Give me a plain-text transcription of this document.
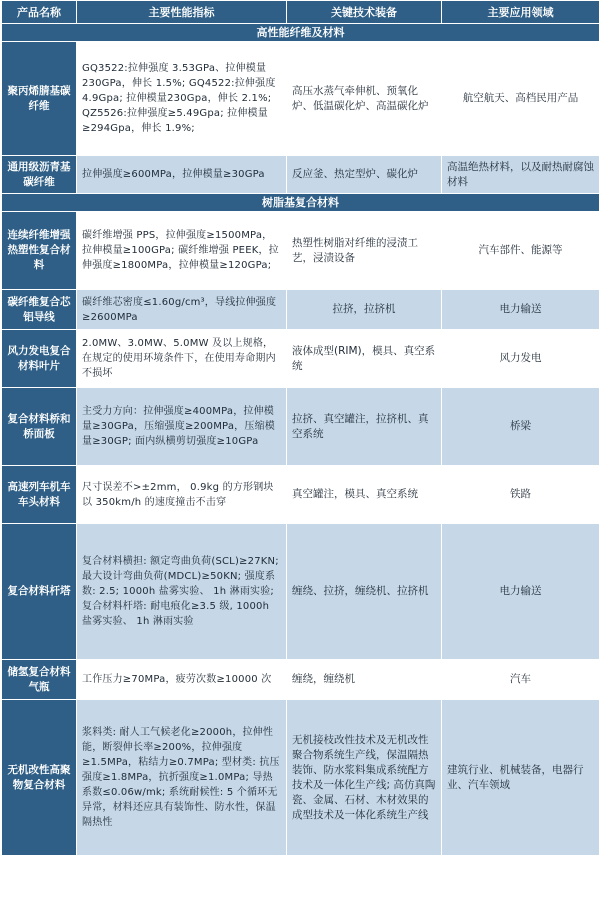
产品名称	主要性能指标	关键技术装备	主要应用领域
高性能纤维及材料			
聚丙烯腈基碳纤维	GQ3522:拉伸强度 3.53GPa、拉伸模量 230GPa，伸长 1.5%; GQ4522:拉伸强度 4.9Gpa; 拉伸模量230Gpa，伸长 2.1%; QZ5526:拉伸强度≥5.49Gpa; 拉伸模量≥294Gpa，伸长 1.9%;	高压水蒸气牵伸机、预氧化炉、低温碳化炉、高温碳化炉	航空航天、高档民用产品
通用级沥青基碳纤维	拉伸强度≥600MPa，拉伸模量≥30GPa	反应釜、热定型炉、碳化炉	高温绝热材料，以及耐热耐腐蚀材料
树脂基复合材料			
连续纤维增强热塑性复合材料	碳纤维增强 PPS，拉伸强度≥1500MPa，拉伸模量≥100GPa; 碳纤维增强 PEEK，拉伸强度≥1800MPa，拉伸模量≥120GPa;	热塑性树脂对纤维的浸渍工艺，浸渍设备	汽车部件、能源等
碳纤维复合芯铝导线	碳纤维芯密度≤1.60g/cm³，导线拉伸强度≥2600MPa	拉挤，拉挤机	电力输送
风力发电复合材料叶片	2.0MW、3.0MW、5.0MW 及以上规格，在规定的使用环境条件下，在使用寿命期内不损坏	液体成型(RIM)，模具、真空系统	风力发电
复合材料桥和桥面板	主受力方向：拉伸强度≥400MPa，拉伸模量≥30GPa，压缩强度≥200MPa，压缩模量≥30GP; 面内纵横剪切强度≥10GPa	拉挤、真空罐注，拉挤机、真空系统	桥梁
高速列车机车车头材料	尺寸误差不>±2mm， 0.9kg 的方形钢块以 350km/h 的速度撞击不击穿	真空罐注，模具、真空系统	铁路
复合材料杆塔	复合材料横担: 额定弯曲负荷(SCL)≥27KN; 最大设计弯曲负荷(MDCL)≥50KN; 强度系数: 2.5; 1000h 盐雾实验、 1h 淋雨实验; 复合材料杆塔: 耐电痕化≥3.5 级, 1000h 盐雾实验、 1h 淋雨实验	缠绕、拉挤，缠绕机、拉挤机	电力输送
储氢复合材料气瓶	工作压力≥70MPa，疲劳次数≥10000 次	缠绕，缠绕机	汽车
无机改性高聚物复合材料	浆料类: 耐人工气候老化≥2000h，拉伸性能，断裂伸长率≥200%，拉伸强度≥1.5MPa，粘结力≥0.7MPa; 型材类: 抗压强度≥1.8MPa，抗折强度≥1.0MPa; 导热系数≤0.06w/mk; 系统耐候性: 5 个循环无异常，材料还应具有装饰性、防水性，保温隔热性	无机接枝改性技术及无机改性聚合物系统生产线，保温隔热装饰、防水浆料集成系统配方技术及一体化生产线; 高仿真陶瓷、金属、石材、木材效果的成型技术及一体化系统生产线	建筑行业、机械装备，电器行业、汽车领域
